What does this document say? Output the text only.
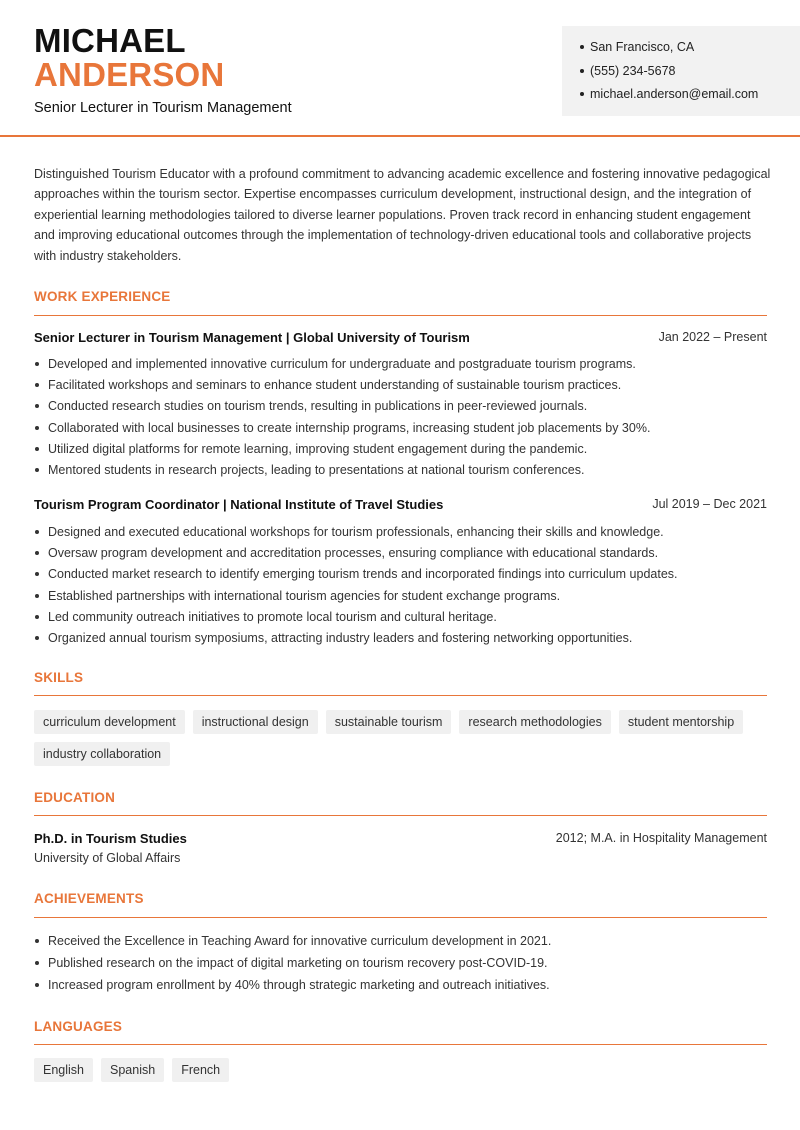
MICHAEL
ANDERSON
Senior Lecturer in Tourism Management
San Francisco, CA
(555) 234-5678
michael.anderson@email.com
Distinguished Tourism Educator with a profound commitment to advancing academic excellence and fostering innovative pedagogical approaches within the tourism sector. Expertise encompasses curriculum development, instructional design, and the integration of experiential learning methodologies tailored to diverse learner populations. Proven track record in enhancing student engagement and improving educational outcomes through the implementation of technology-driven educational tools and collaborative projects with industry stakeholders.
WORK EXPERIENCE
Senior Lecturer in Tourism Management | Global University of Tourism	Jan 2022 – Present
Developed and implemented innovative curriculum for undergraduate and postgraduate tourism programs.
Facilitated workshops and seminars to enhance student understanding of sustainable tourism practices.
Conducted research studies on tourism trends, resulting in publications in peer-reviewed journals.
Collaborated with local businesses to create internship programs, increasing student job placements by 30%.
Utilized digital platforms for remote learning, improving student engagement during the pandemic.
Mentored students in research projects, leading to presentations at national tourism conferences.
Tourism Program Coordinator | National Institute of Travel Studies	Jul 2019 – Dec 2021
Designed and executed educational workshops for tourism professionals, enhancing their skills and knowledge.
Oversaw program development and accreditation processes, ensuring compliance with educational standards.
Conducted market research to identify emerging tourism trends and incorporated findings into curriculum updates.
Established partnerships with international tourism agencies for student exchange programs.
Led community outreach initiatives to promote local tourism and cultural heritage.
Organized annual tourism symposiums, attracting industry leaders and fostering networking opportunities.
SKILLS
curriculum development	instructional design	sustainable tourism	research methodologies	student mentorship
industry collaboration
EDUCATION
Ph.D. in Tourism Studies	2012; M.A. in Hospitality Management
University of Global Affairs
ACHIEVEMENTS
Received the Excellence in Teaching Award for innovative curriculum development in 2021.
Published research on the impact of digital marketing on tourism recovery post-COVID-19.
Increased program enrollment by 40% through strategic marketing and outreach initiatives.
LANGUAGES
English	Spanish	French
